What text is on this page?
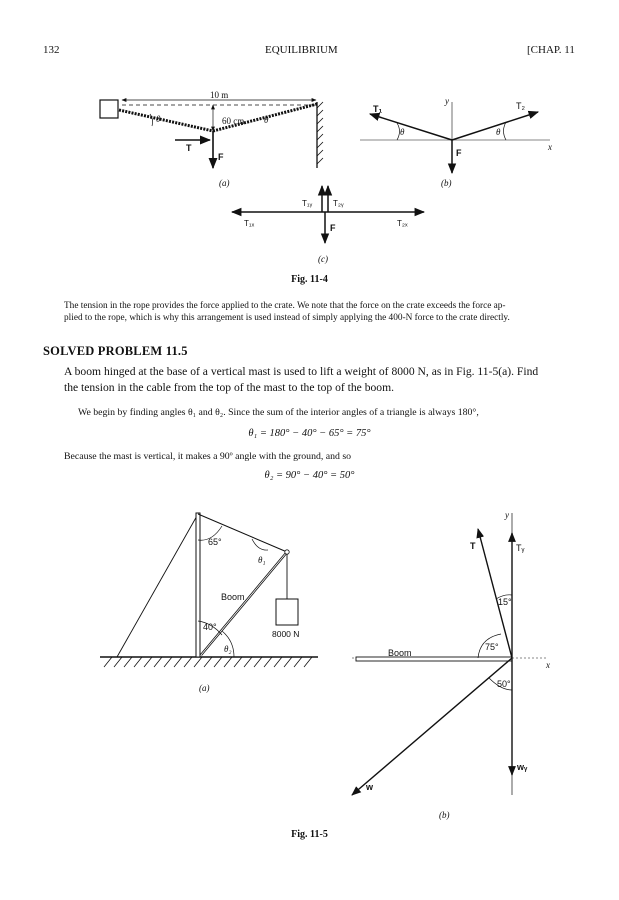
132	EQUILIBRIUM	[CHAP. 11
10 m
60 cm
θ	θ
T
F
(a)
T₁	T₂
y
x
θ	θ
F
(b)
T₁ᵧ	T₂ᵧ
T₁ₓ	T₂ₓ
F
(c)
Fig. 11-4
The tension in the rope provides the force applied to the crate. We note that the force on the crate exceeds the force ap-
plied to the rope, which is why this arrangement is used instead of simply applying the 400-N force to the crate directly.
SOLVED PROBLEM 11.5
A boom hinged at the base of a vertical mast is used to lift a weight of 8000 N, as in Fig. 11-5(a). Find
the tension in the cable from the top of the mast to the top of the boom.
We begin by finding angles θ₁ and θ₂. Since the sum of the interior angles of a triangle is always 180°,
θ₁ = 180° − 40° − 65° = 75°
Because the mast is vertical, it makes a 90º angle with the ground, and so
θ₂ = 90° − 40° = 50°
65°
θ₁
Boom
40°
θ₂
8000 N
(a)
y
T	Tᵧ
15°
75°
Boom
x
50°
wᵧ
w
(b)
Fig. 11-5
